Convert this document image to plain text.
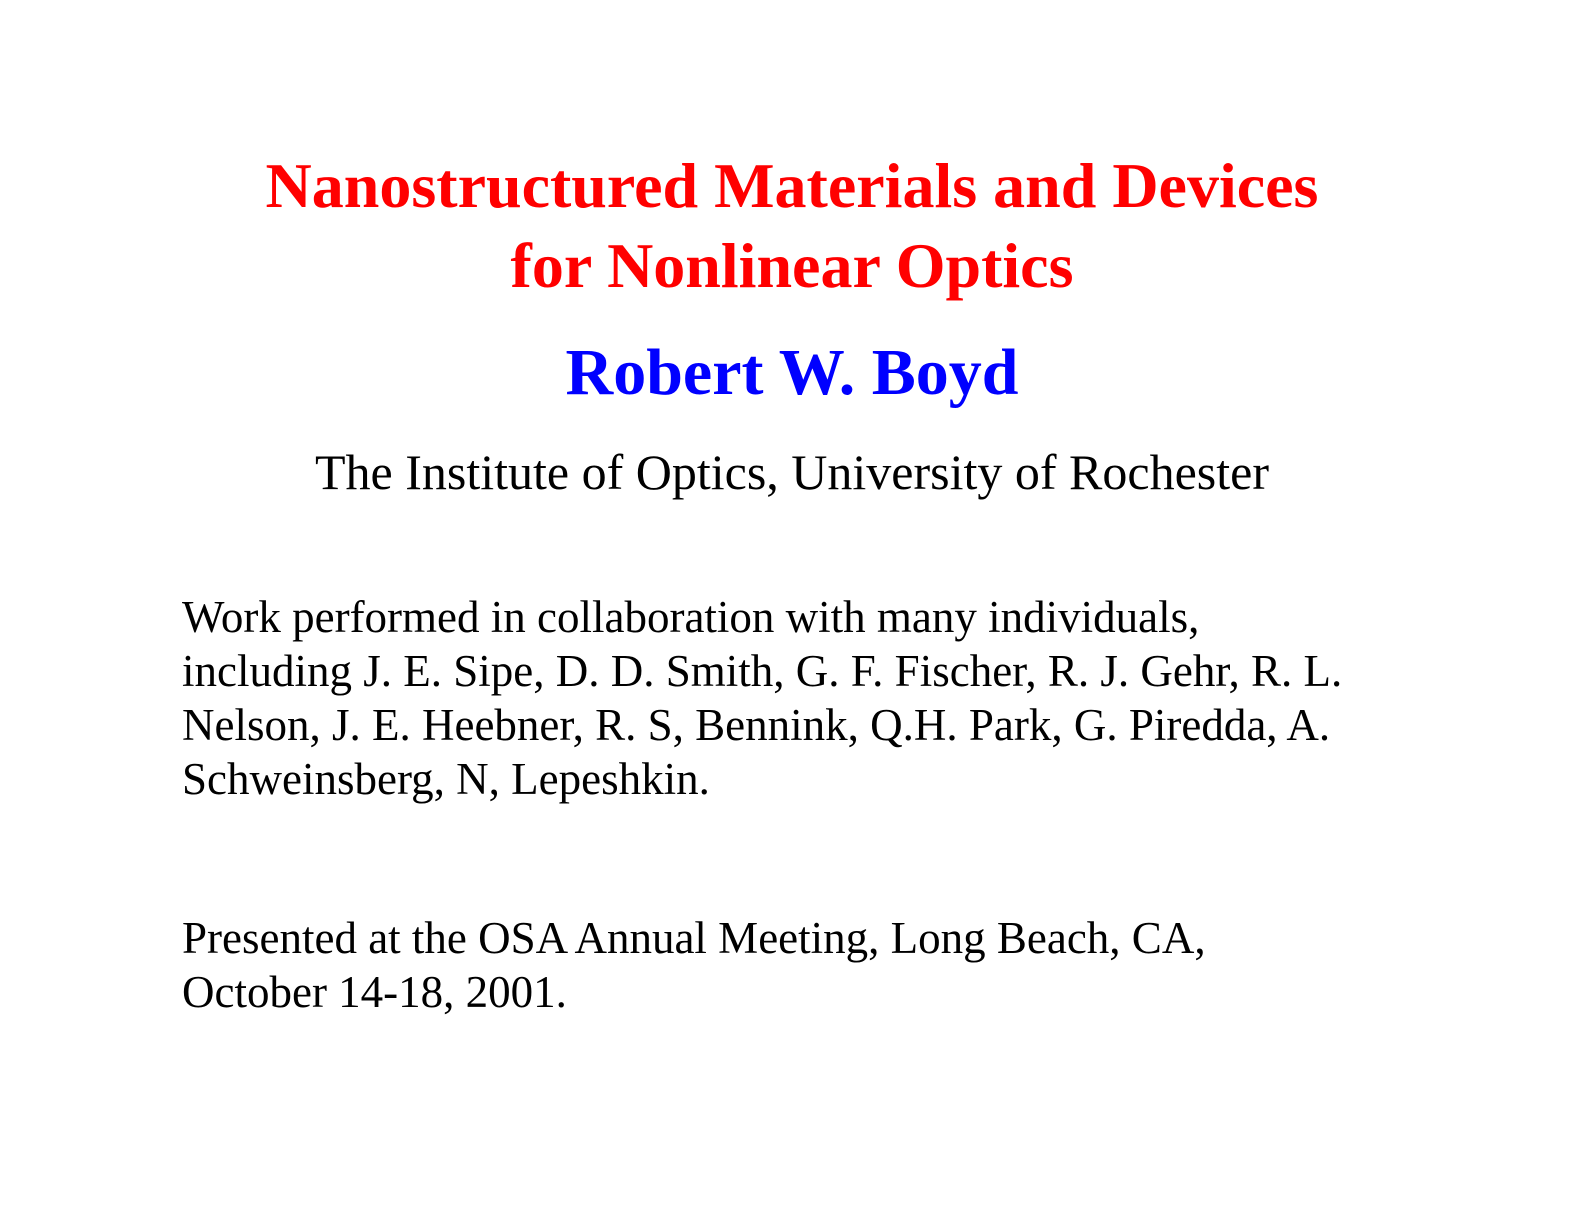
Nanostructured Materials and Devices
for Nonlinear Optics
Robert W. Boyd
The Institute of Optics, University of Rochester
Work performed in collaboration with many individuals,
including J. E. Sipe, D. D. Smith, G. F. Fischer, R. J. Gehr, R. L.
Nelson, J. E. Heebner, R. S, Bennink, Q.H. Park, G. Piredda, A.
Schweinsberg, N, Lepeshkin.
Presented at the OSA Annual Meeting, Long Beach, CA,
October 14-18, 2001.
